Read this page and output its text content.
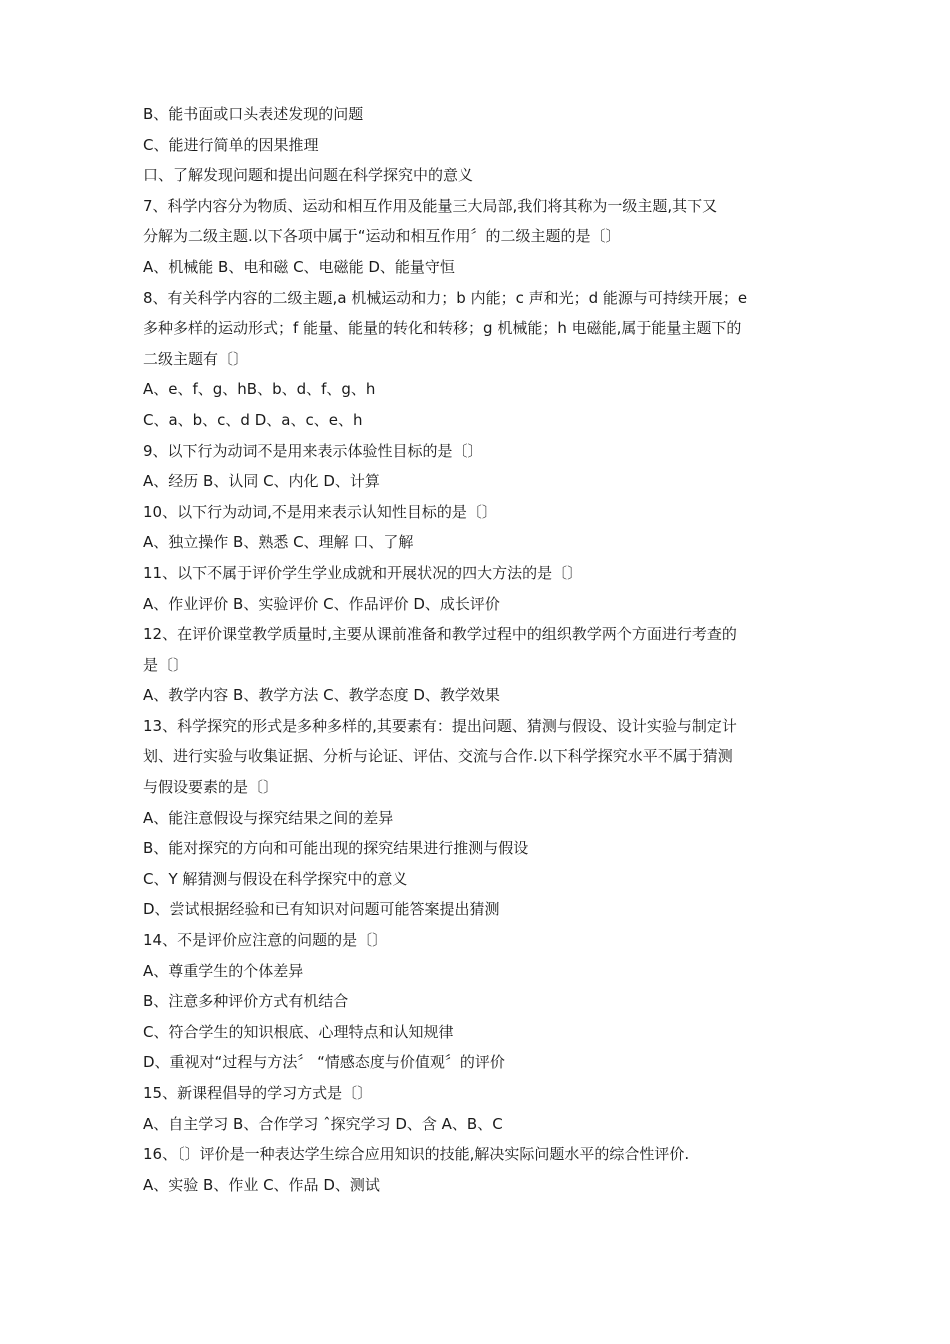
B、能书面或口头表述发现的问题
C、能进行简单的因果推理
口、了解发现问题和提出问题在科学探究中的意义
7、科学内容分为物质、运动和相互作用及能量三大局部,我们将其称为一级主题,其下又
分解为二级主题.以下各项中属于“运动和相互作用〞的二级主题的是〔〕
A、机械能 B、电和磁 C、电磁能 D、能量守恒
8、有关科学内容的二级主题,a 机械运动和力；b 内能；c 声和光；d 能源与可持续开展；e
多种多样的运动形式；f 能量、能量的转化和转移；g 机械能；h 电磁能,属于能量主题下的
二级主题有〔〕
A、e、f、g、hB、b、d、f、g、h
C、a、b、c、d D、a、c、e、h
9、以下行为动词不是用来表示体验性目标的是〔〕
A、经历 B、认同 C、内化 D、计算
10、以下行为动词,不是用来表示认知性目标的是〔〕
A、独立操作 B、熟悉 C、理解 口、了解
11、以下不属于评价学生学业成就和开展状况的四大方法的是〔〕
A、作业评价 B、实验评价 C、作品评价 D、成长评价
12、在评价课堂教学质量时,主要从课前准备和教学过程中的组织教学两个方面进行考查的
是〔〕
A、教学内容 B、教学方法 C、教学态度 D、教学效果
13、科学探究的形式是多种多样的,其要素有：提出问题、猜测与假设、设计实验与制定计
划、进行实验与收集证据、分析与论证、评估、交流与合作.以下科学探究水平不属于猜测
与假设要素的是〔〕
A、能注意假设与探究结果之间的差异
B、能对探究的方向和可能出现的探究结果进行推测与假设
C、Y 解猜测与假设在科学探究中的意义
D、尝试根据经验和已有知识对问题可能答案提出猜测
14、不是评价应注意的问题的是〔〕
A、尊重学生的个体差异
B、注意多种评价方式有机结合
C、符合学生的知识根底、心理特点和认知规律
D、重视对“过程与方法〞 “情感态度与价值观〞的评价
15、新课程倡导的学习方式是〔〕
A、自主学习 B、合作学习 ˆ探究学习 D、含 A、B、C
16、〔〕评价是一种表达学生综合应用知识的技能,解决实际问题水平的综合性评价.
A、实验 B、作业 C、作品 D、测试
